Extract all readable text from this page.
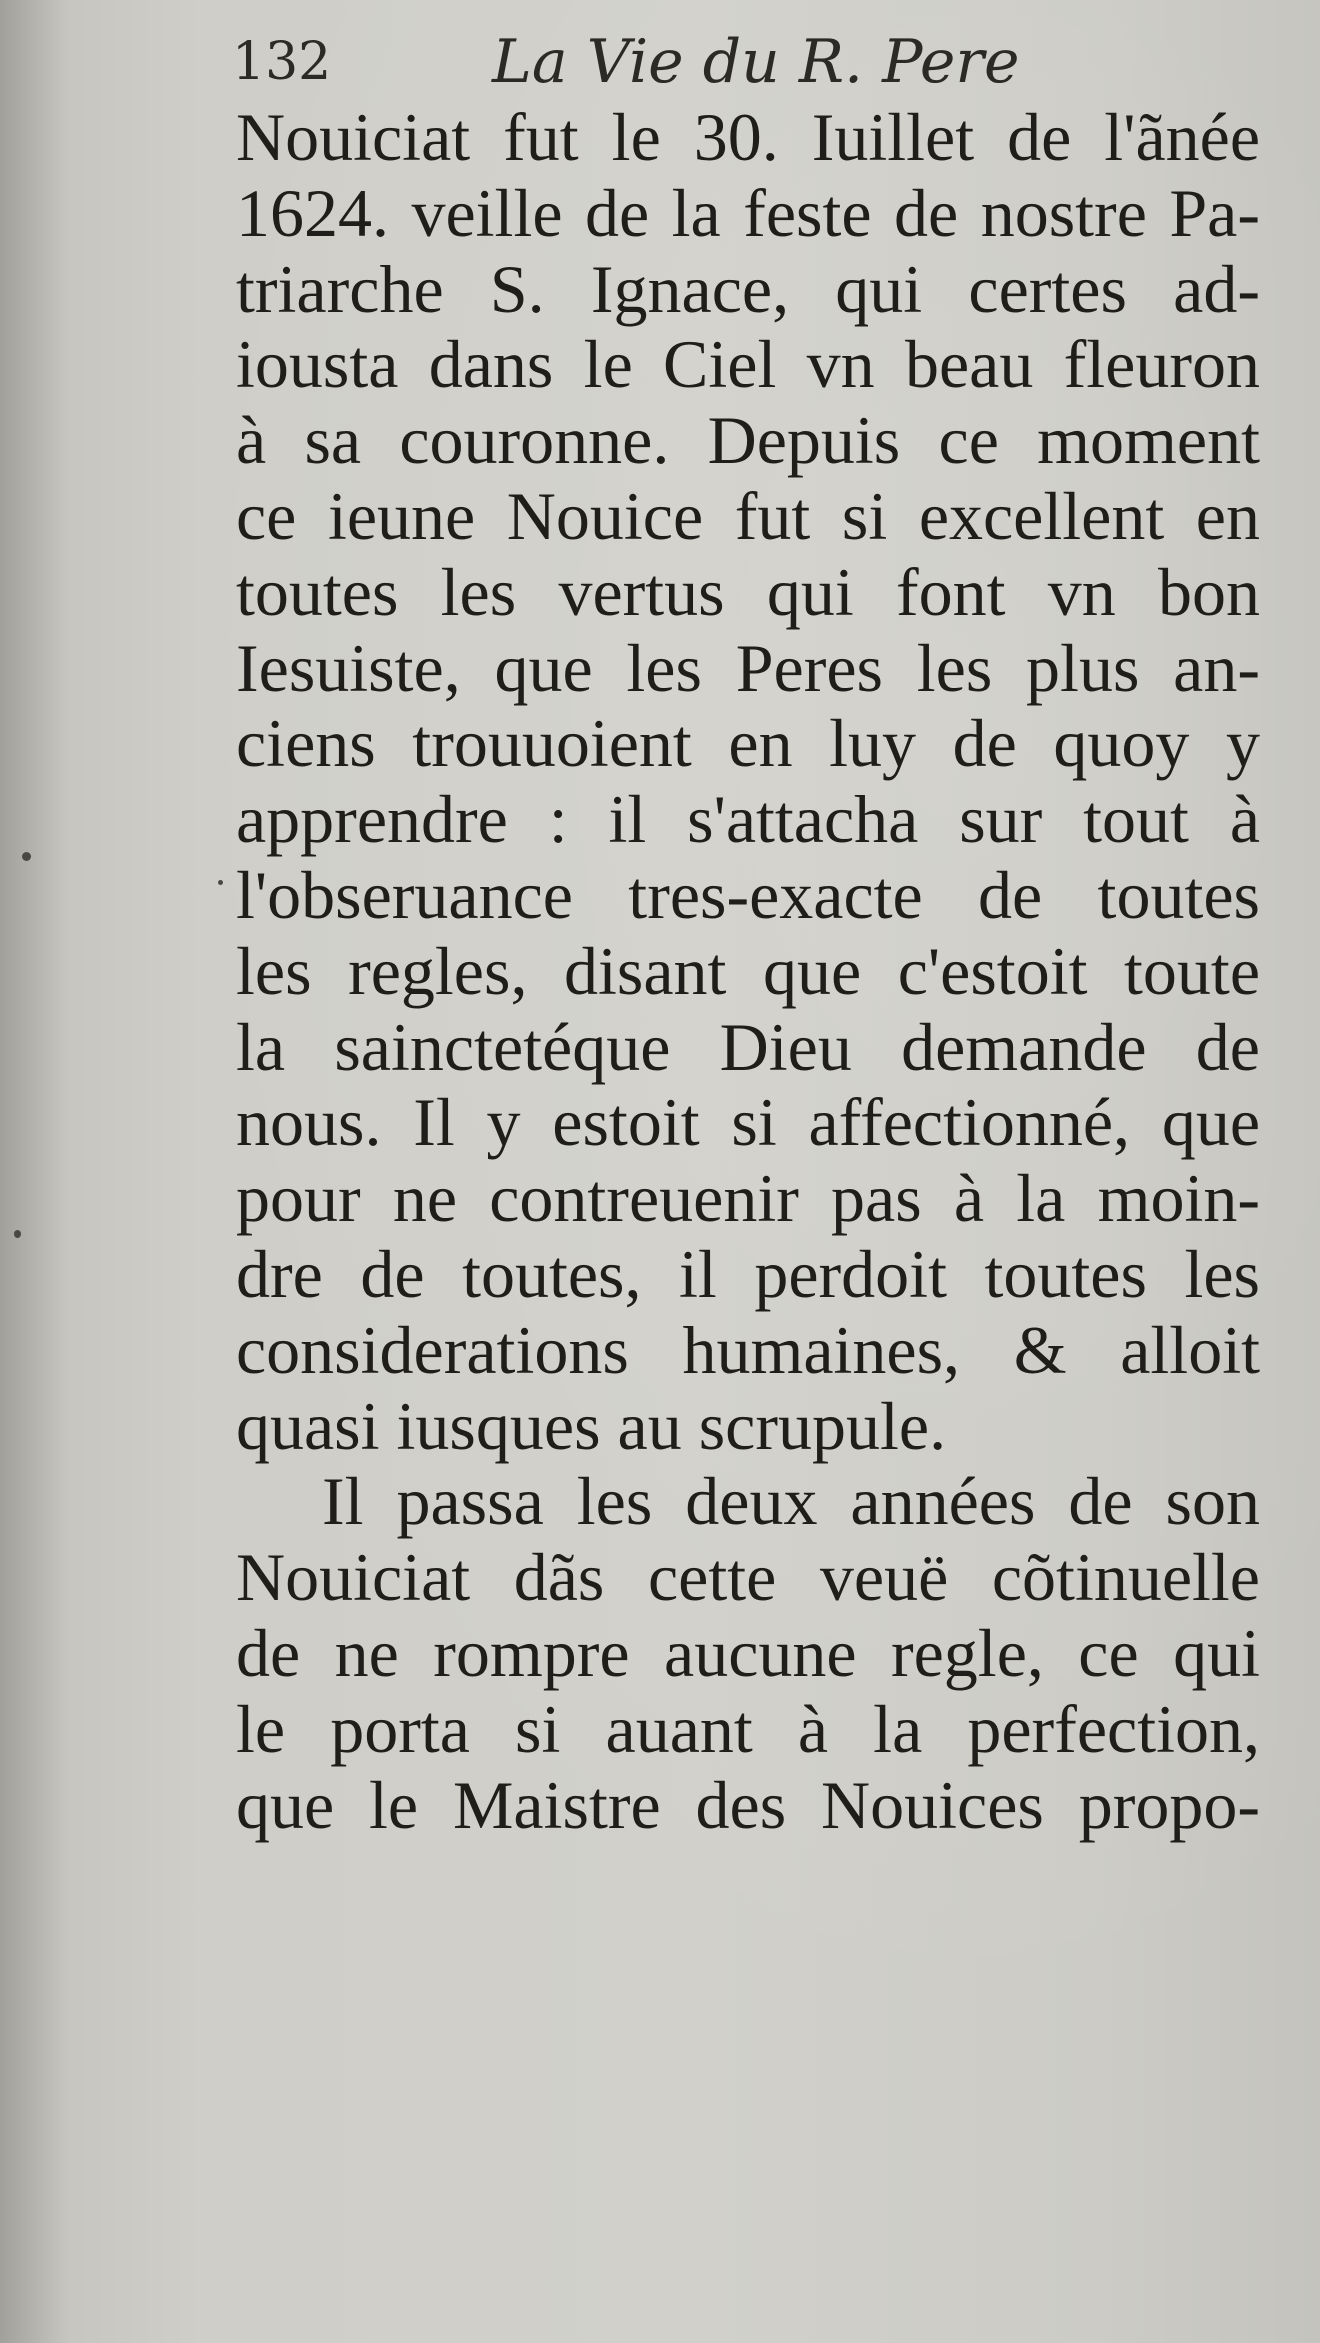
132	La Vie du R. Pere
Nouiciat fut le 30. Iuillet de l'ãnée
1624. veille de la feste de nostre Pa-
triarche S. Ignace, qui certes ad-
iousta dans le Ciel vn beau fleuron
à sa couronne. Depuis ce moment
ce ieune Nouice fut si excellent en
toutes les vertus qui font vn bon
Iesuiste, que les Peres les plus an-
ciens trouuoient en luy de quoy y
apprendre : il s'attacha sur tout à
l'obseruance tres-exacte de toutes
les regles, disant que c'estoit toute
la sainctetéque Dieu demande de
nous. Il y estoit si affectionné, que
pour ne contreuenir pas à la moin-
dre de toutes, il perdoit toutes les
considerations humaines, & alloit
quasi iusques au scrupule.
Il passa les deux années de son
Nouiciat dãs cette veuë cõtinuelle
de ne rompre aucune regle, ce qui
le porta si auant à la perfection,
que le Maistre des Nouices propo-
